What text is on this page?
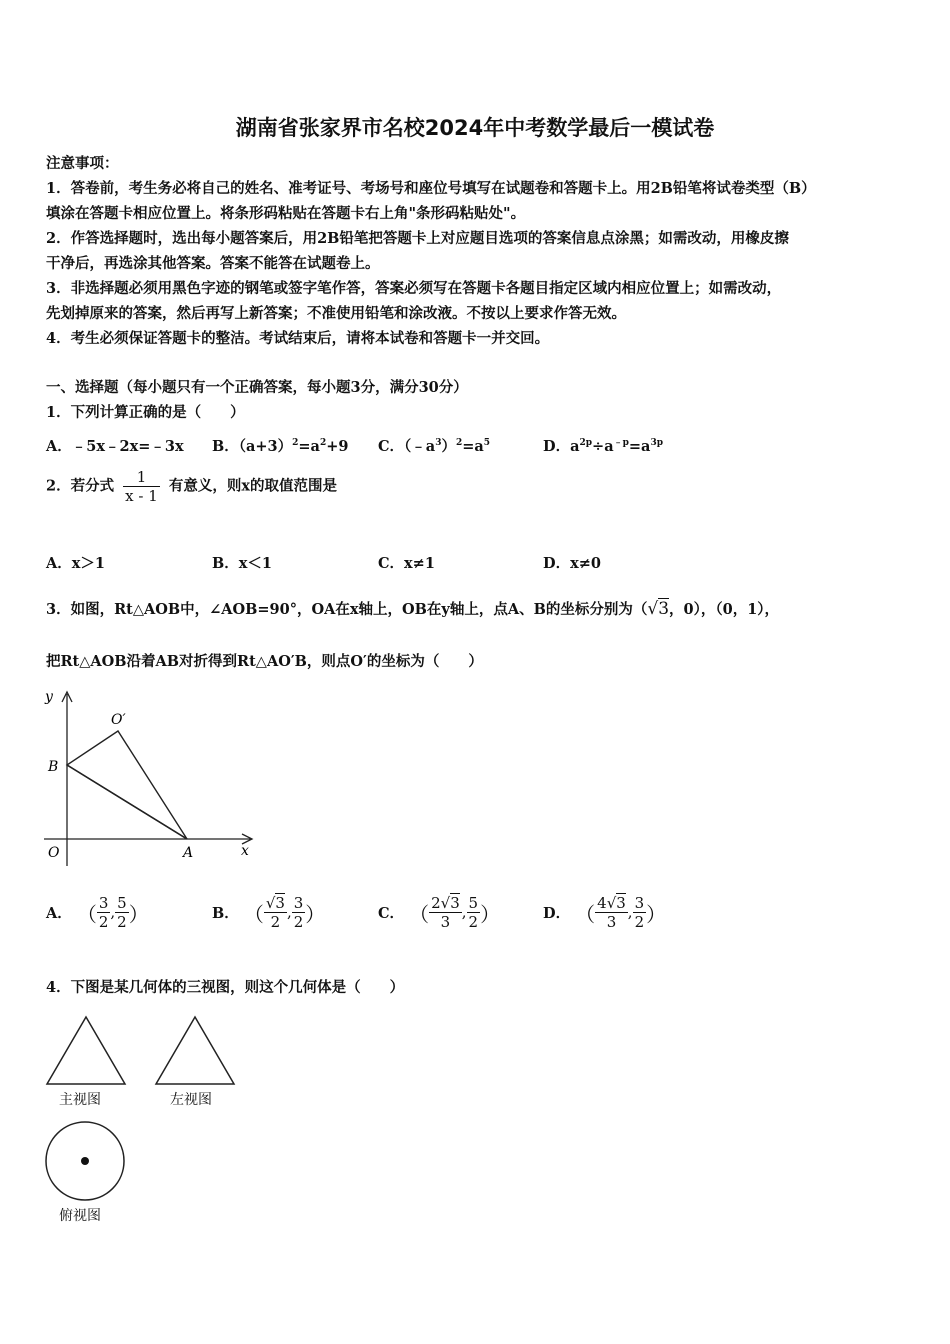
湖南省张家界市名校2024年中考数学最后一模试卷
注意事项：
1．答卷前，考生务必将自己的姓名、准考证号、考场号和座位号填写在试题卷和答题卡上。用2B铅笔将试卷类型（B）
填涂在答题卡相应位置上。将条形码粘贴在答题卡右上角"条形码粘贴处"。
2．作答选择题时，选出每小题答案后，用2B铅笔把答题卡上对应题目选项的答案信息点涂黑；如需改动，用橡皮擦
干净后，再选涂其他答案。答案不能答在试题卷上。
3．非选择题必须用黑色字迹的钢笔或签字笔作答，答案必须写在答题卡各题目指定区域内相应位置上；如需改动，
先划掉原来的答案，然后再写上新答案；不准使用铅笔和涂改液。不按以上要求作答无效。
4．考生必须保证答题卡的整洁。考试结束后，请将本试卷和答题卡一并交回。
一、选择题（每小题只有一个正确答案，每小题3分，满分30分）
1．下列计算正确的是（　　）
A．﹣5x﹣2x=﹣3x B．$(a+3)^2=a^2+9$ C．$(﹣a^3)^2=a^5$	D．$a^{2p}\div a^{﹣p}=a^{3p}$
2．若分式 $\frac{1}{x - 1}$ 有意义，则x的取值范围是
A．x＞1	B．x＜1	C．x≠1	D．x≠0
3．如图，Rt△AOB中，∠AOB=90°，OA在x轴上，OB在y轴上，点A、B的坐标分别为（√3，0），（0，1），
把Rt△AOB沿着AB对折得到Rt△AO′B，则点O′的坐标为（　　）
y
x
O	A
B
O′
A． （ $\frac{3}{2}$ , $\frac{5}{2}$ ）	B． （ $\frac{√3}{2}$ , $\frac{3}{2}$ ）	C． （ $\frac{2√3}{3}$ , $\frac{5}{2}$ ）	D． （ $\frac{4√3}{3}$ , $\frac{3}{2}$ ）
4．下图是某几何体的三视图，则这个几何体是（　　）
主视图	左视图
俯视图
